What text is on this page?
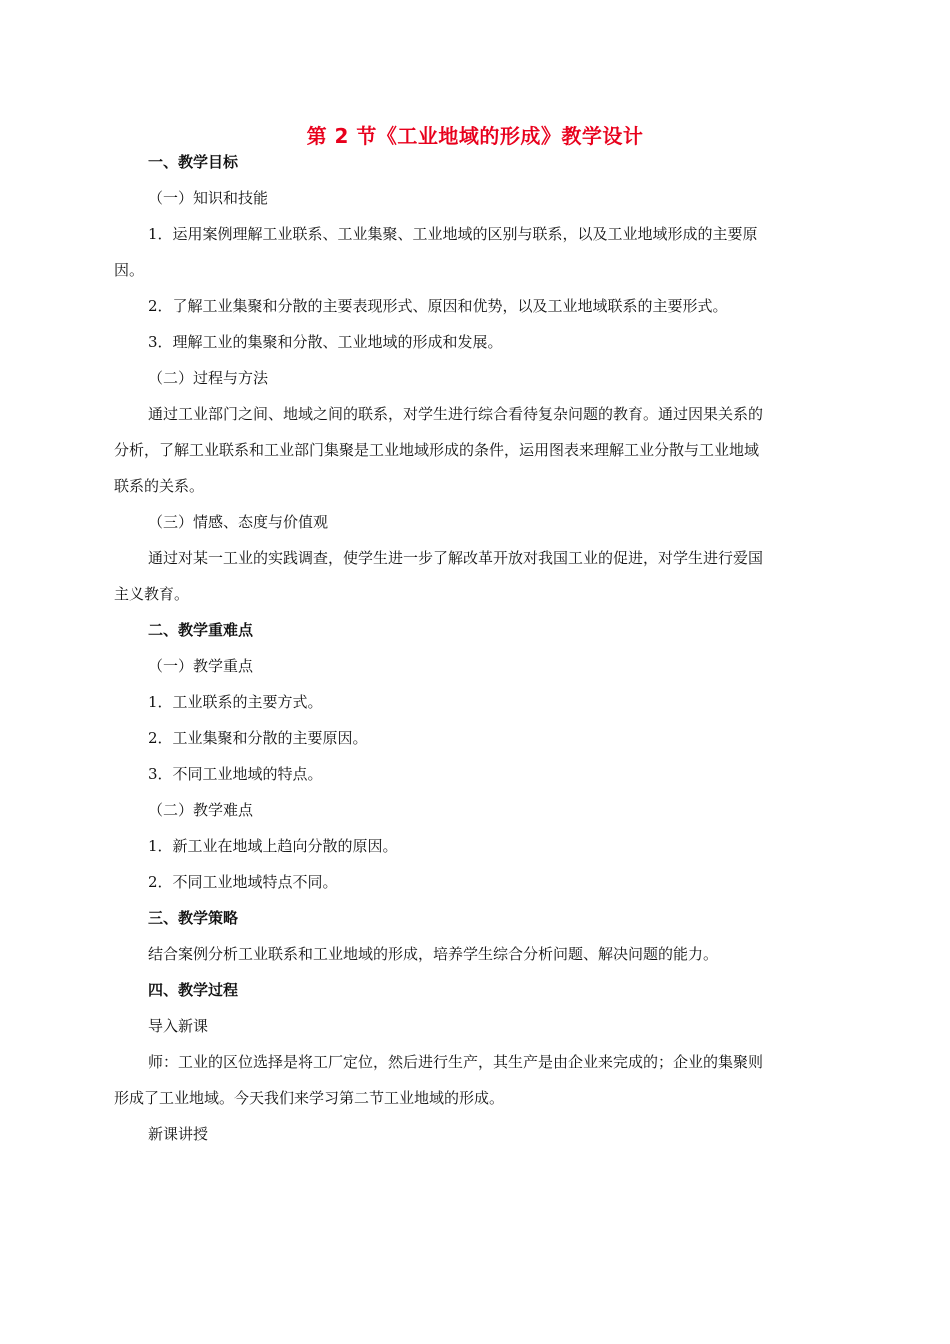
第 2 节《工业地域的形成》教学设计
一、教学目标
（一）知识和技能
1．运用案例理解工业联系、工业集聚、工业地域的区别与联系，以及工业地域形成的主要原
因。
2．了解工业集聚和分散的主要表现形式、原因和优势，以及工业地域联系的主要形式。
3．理解工业的集聚和分散、工业地域的形成和发展。
（二）过程与方法
通过工业部门之间、地域之间的联系，对学生进行综合看待复杂问题的教育。通过因果关系的
分析，了解工业联系和工业部门集聚是工业地域形成的条件，运用图表来理解工业分散与工业地域
联系的关系。
（三）情感、态度与价值观
通过对某一工业的实践调查，使学生进一步了解改革开放对我国工业的促进，对学生进行爱国
主义教育。
二、教学重难点
（一）教学重点
1．工业联系的主要方式。
2．工业集聚和分散的主要原因。
3．不同工业地域的特点。
（二）教学难点
1．新工业在地域上趋向分散的原因。
2．不同工业地域特点不同。
三、教学策略
结合案例分析工业联系和工业地域的形成，培养学生综合分析问题、解决问题的能力。
四、教学过程
导入新课
师：工业的区位选择是将工厂定位，然后进行生产，其生产是由企业来完成的；企业的集聚则
形成了工业地域。今天我们来学习第二节工业地域的形成。
新课讲授
